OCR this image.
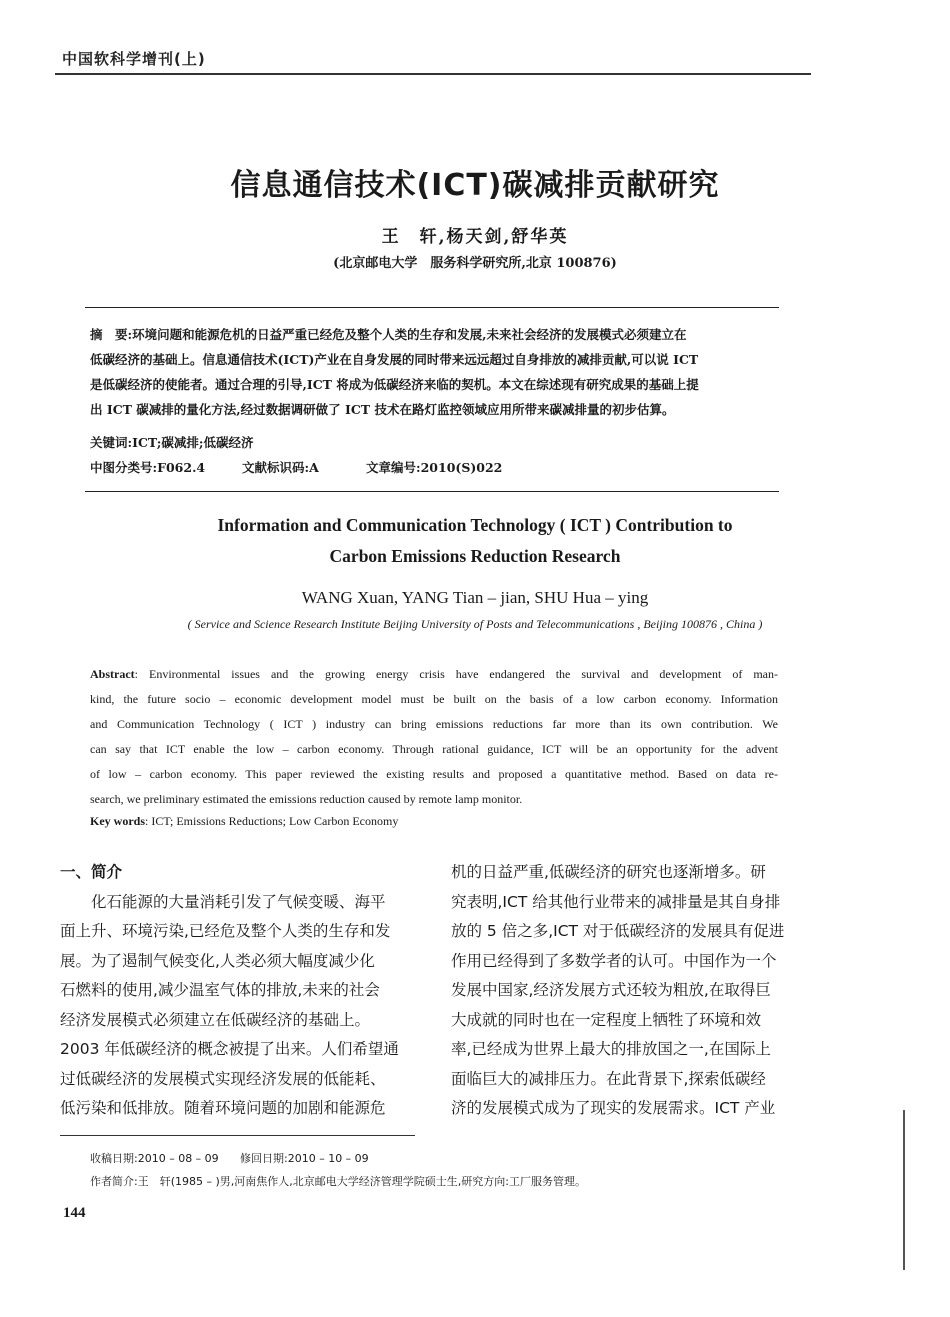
中国软科学增刊(上)
信息通信技术(ICT)碳减排贡献研究
王　轩,杨天剑,舒华英
(北京邮电大学　服务科学研究所,北京 100876)

摘　要:环境问题和能源危机的日益严重已经危及整个人类的生存和发展,未来社会经济的发展模式必须建立在

低碳经济的基础上。信息通信技术(ICT)产业在自身发展的同时带来远远超过自身排放的减排贡献,可以说 ICT

是低碳经济的使能者。通过合理的引导,ICT 将成为低碳经济来临的契机。本文在综述现有研究成果的基础上提

出 ICT 碳减排的量化方法,经过数据调研做了 ICT 技术在路灯监控领域应用所带来碳减排量的初步估算。

关键词:ICT;碳减排;低碳经济
中图分类号:F062.4	文献标识码:A	文章编号:2010(S)022
Information and Communication Technology ( ICT ) Contribution to
Carbon Emissions Reduction Research
WANG Xuan, YANG Tian – jian, SHU Hua – ying
( Service and Science Research Institute Beijing University of Posts and Telecommunications , Beijing 100876 , China )

Abstract: Environmental issues and the growing energy crisis have endangered the survival and development of man-

kind, the future socio – economic development model must be built on the basis of a low carbon economy. Information

and Communication Technology ( ICT ) industry can bring emissions reductions far more than its own contribution. We

can say that ICT enable the low – carbon economy. Through rational guidance, ICT will be an opportunity for the advent

of low – carbon economy. This paper reviewed the existing results and proposed a quantitative method. Based on data re-

search, we preliminary estimated the emissions reduction caused by remote lamp monitor.

Key words: ICT; Emissions Reductions; Low Carbon Economy

一、简介

　　化石能源的大量消耗引发了气候变暖、海平

面上升、环境污染,已经危及整个人类的生存和发

展。为了遏制气候变化,人类必须大幅度减少化

石燃料的使用,减少温室气体的排放,未来的社会

经济发展模式必须建立在低碳经济的基础上。

2003 年低碳经济的概念被提了出来。人们希望通

过低碳经济的发展模式实现经济发展的低能耗、

低污染和低排放。随着环境问题的加剧和能源危

机的日益严重,低碳经济的研究也逐渐增多。研

究表明,ICT 给其他行业带来的减排量是其自身排

放的 5 倍之多,ICT 对于低碳经济的发展具有促进

作用已经得到了多数学者的认可。中国作为一个

发展中国家,经济发展方式还较为粗放,在取得巨

大成就的同时也在一定程度上牺牲了环境和效

率,已经成为世界上最大的排放国之一,在国际上

面临巨大的减排压力。在此背景下,探索低碳经

济的发展模式成为了现实的发展需求。ICT 产业

收稿日期:2010 – 08 – 09 修回日期:2010 – 10 – 09
作者简介:王　轩(1985 – )男,河南焦作人,北京邮电大学经济管理学院硕士生,研究方向:工厂服务管理。
144
